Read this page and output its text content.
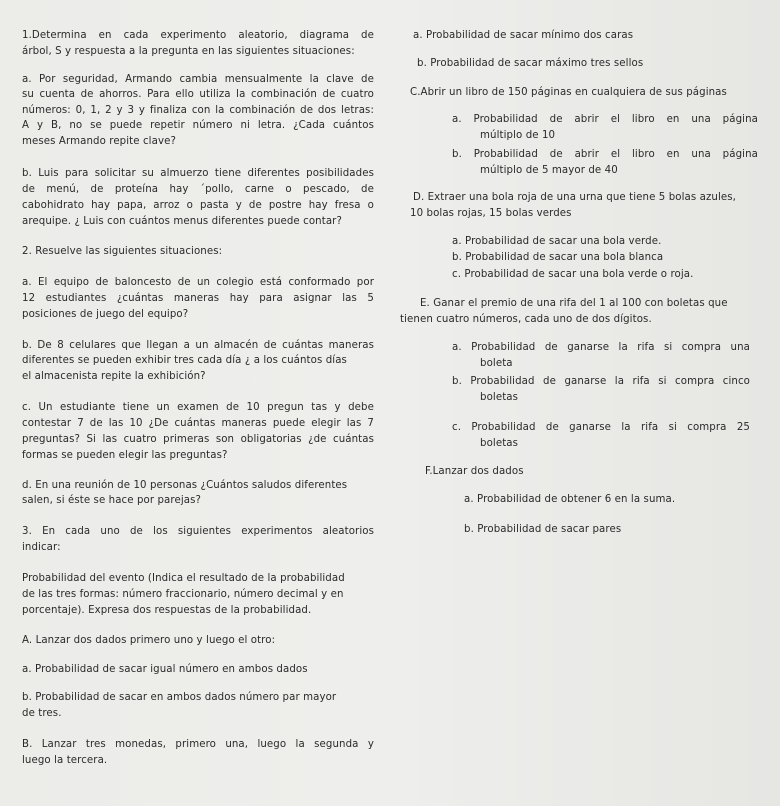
1.Determina en cada experimento aleatorio, diagrama de
árbol, S y respuesta a la pregunta en las siguientes situaciones:
a. Por seguridad, Armando cambia mensualmente la clave de
su cuenta de ahorros. Para ello utiliza la combinación de cuatro
números: 0, 1, 2 y 3 y finaliza con la combinación de dos letras:
A y B, no se puede repetir número ni letra. ¿Cada cuántos
meses Armando repite clave?
b. Luis para solicitar su almuerzo tiene diferentes posibilidades
de menú, de proteína hay ´pollo, carne o pescado, de
cabohidrato hay papa, arroz o pasta y de postre hay fresa o
arequipe. ¿ Luis con cuántos menus diferentes puede contar?
2. Resuelve las siguientes situaciones:
a. El equipo de baloncesto de un colegio está conformado por
12 estudiantes ¿cuántas maneras hay para asignar las 5
posiciones de juego del equipo?
b. De 8 celulares que llegan a un almacén de cuántas maneras
diferentes se pueden exhibir tres cada día ¿ a los cuántos días
el almacenista repite la exhibición?
c. Un estudiante tiene un examen de 10 pregun tas y debe
contestar 7 de las 10 ¿De cuántas maneras puede elegir las 7
preguntas? Si las cuatro primeras son obligatorias ¿de cuántas
formas se pueden elegir las preguntas?
d. En una reunión de 10 personas ¿Cuántos saludos diferentes
salen, si éste se hace por parejas?
3. En cada uno de los siguientes experimentos aleatorios
indicar:
Probabilidad del evento (Indica el resultado de la probabilidad
de las tres formas: número fraccionario, número decimal y en
porcentaje). Expresa dos respuestas de la probabilidad.
A. Lanzar dos dados primero uno y luego el otro:
a. Probabilidad de sacar igual número en ambos dados
b. Probabilidad de sacar en ambos dados número par mayor
de tres.
B. Lanzar tres monedas, primero una, luego la segunda y
luego la tercera.
a. Probabilidad de sacar mínimo dos caras
b. Probabilidad de sacar máximo tres sellos
C.Abrir un libro de 150 páginas en cualquiera de sus páginas
a. Probabilidad de abrir el libro en una página
múltiplo de 10
b. Probabilidad de abrir el libro en una página
múltiplo de 5 mayor de 40
D. Extraer una bola roja de una urna que tiene 5 bolas azules,
10 bolas rojas, 15 bolas verdes
a. Probabilidad de sacar una bola verde.
b. Probabilidad de sacar una bola blanca
c. Probabilidad de sacar una bola verde o roja.
E. Ganar el premio de una rifa del 1 al 100 con boletas que
tienen cuatro números, cada uno de dos dígitos.
a. Probabilidad de ganarse la rifa si compra una
boleta
b. Probabilidad de ganarse la rifa si compra cinco
boletas
c. Probabilidad de ganarse la rifa si compra 25
boletas
F.Lanzar dos dados
a. Probabilidad de obtener 6 en la suma.
b. Probabilidad de sacar pares
